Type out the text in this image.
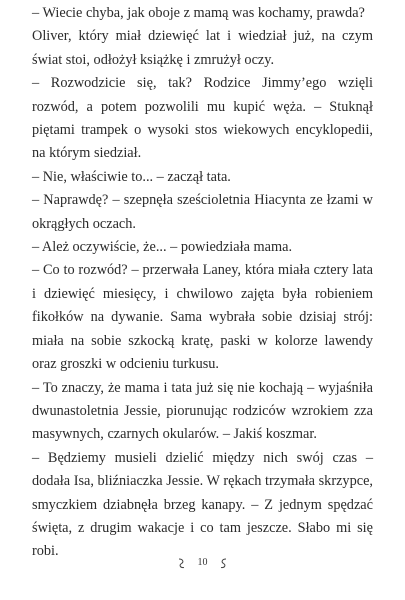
– Wiecie chyba, jak oboje z mamą was kochamy, prawda?

Oliver, który miał dziewięć lat i wiedział już, na czym świat stoi, odłożył książkę i zmrużył oczy.

– Rozwodzicie się, tak? Rodzice Jimmy’ego wzięli rozwód, a potem pozwolili mu kupić węża. – Stuknął piętami trampek o wysoki stos wiekowych encyklopedii, na którym siedział.

– Nie, właściwie to... – zaczął tata.

– Naprawdę? – szepnęła sześcioletnia Hiacynta ze łzami w okrągłych oczach.

– Ależ oczywiście, że... – powiedziała mama.

– Co to rozwód? – przerwała Laney, która miała cztery lata i dziewięć miesięcy, i chwilowo zajęta była robieniem fikołków na dywanie. Sama wybrała sobie dzisiaj strój: miała na sobie szkocką kratę, paski w kolorze lawendy oraz groszki w odcieniu turkusu.

– To znaczy, że mama i tata już się nie kochają – wyjaśniła dwunastoletnia Jessie, piorunując rodziców wzrokiem zza masywnych, czarnych okularów. – Jakiś koszmar.

– Będziemy musieli dzielić między nich swój czas – dodała Isa, bliźniaczka Jessie. W rękach trzymała skrzypce, smyczkiem dziabnęła brzeg kanapy. – Z jednym spędzać święta, z drugim wakacje i co tam jeszcze. Słabo mi się robi.

10
